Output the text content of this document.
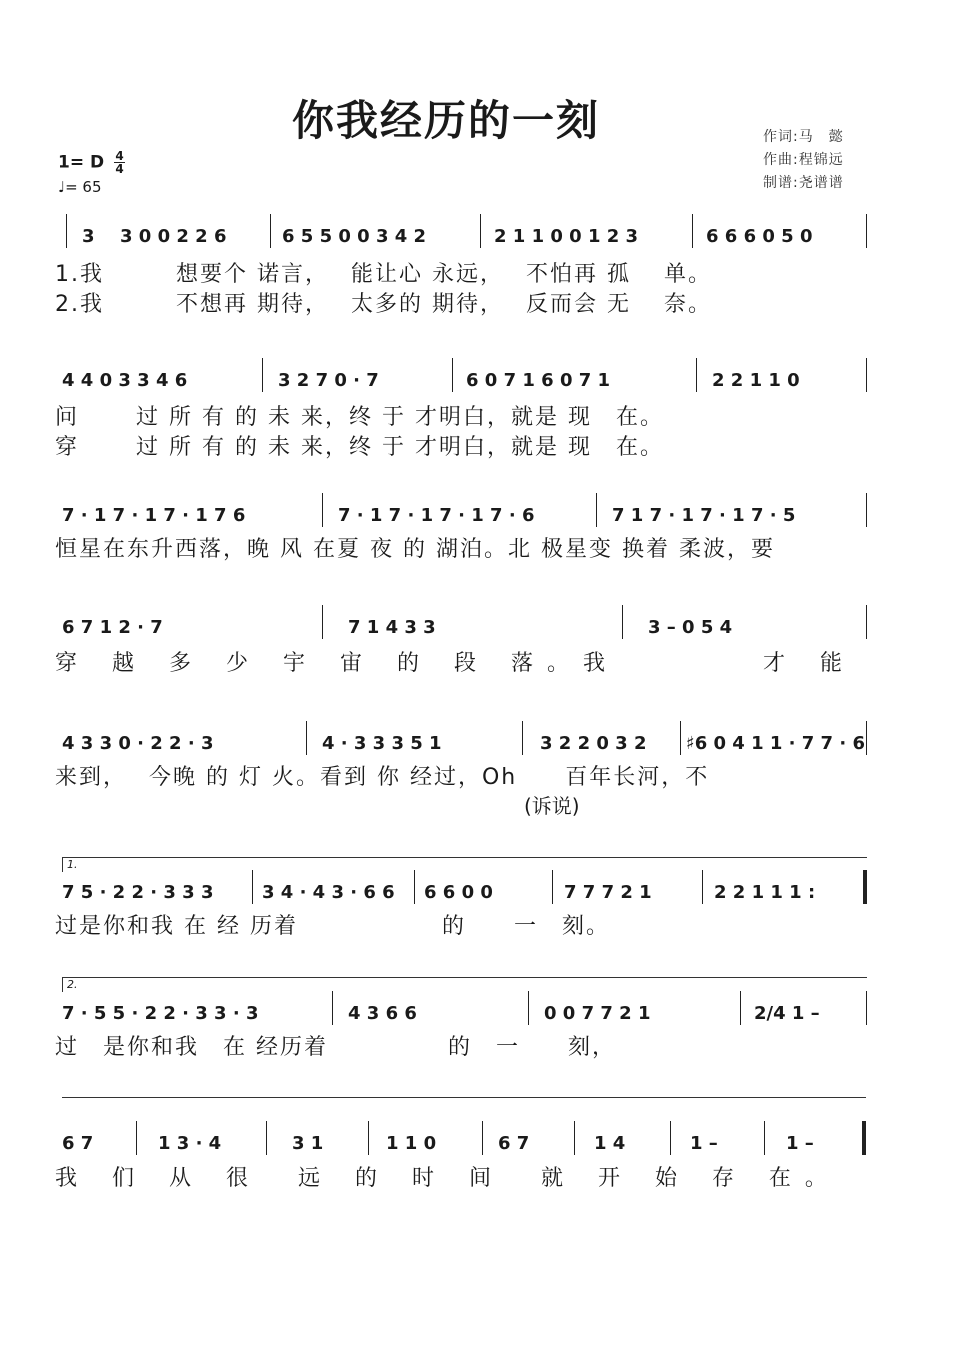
你我经历的一刻	作词:马　懿
作曲:程锦远
制谱:尧谱谱
1= D $\frac{4}{4}$
♩= 65
3 3 0 0 2 2 6	6 5 5 0 0 3 4 2	2 1 1 0 0 1 2 3	6 6 6 0 5 0
1.我　　　想要个 诺言，　 能让心 永远，　 不怕再 孤　 单。
2.我　　　不想再 期待，　 太多的 期待，　 反而会 无　 奈。
4 4 0 3 3 4 6	3 2 7 0 · 7	6 0 7 1 6 0 7 1	2 2 1 1 0
问　　 过 所 有 的 未 来，终 于 才明白，就是 现　在。
穿　　 过 所 有 的 未 来，终 于 才明白，就是 现　在。
7 · 1 7 · 1 7 · 1 7 6	7 · 1 7 · 1 7 · 1 7 · 6	7 1 7 · 1 7 · 1 7 · 5
恒星在东升西落，晚 风 在夏 夜 的 湖泊。北 极星变 换着 柔波，要
6 7 1 2 · 7	7 1 4 3 3	3 – 0 5 4
穿 越 多 少 宇 宙 的 段 落。我　　　　才 能
4 3 3 0 · 2 2 · 3	4 · 3 3 3 5 1	3 2 2 0 3 2 ♯6 0 4 1 1 · 7 7 · 6
来到，　 今晚 的 灯 火。看到 你 经过，Oh　　百年长河，不
(诉说)
1.
7 5 · 2 2 · 3 3 3	3 4 · 4 3 · 6 6 6 6 0 0	7 7 7 2 1	2 2 1 1 1 :
过是你和我 在 经 历着　　　　　　的　　一　刻。
2.
7 · 5 5 · 2 2 · 3 3 · 3	4 3 6 6	0 0 7 7 2 1	2/4 1 –
过　是你和我　在 经历着　　　　　的　一　　刻，
6 7	1 3 · 4	3 1	1 1 0	6 7	1 4	1 –	1 –
我 们 从 很　远 的 时 间　就 开 始 存 在。
